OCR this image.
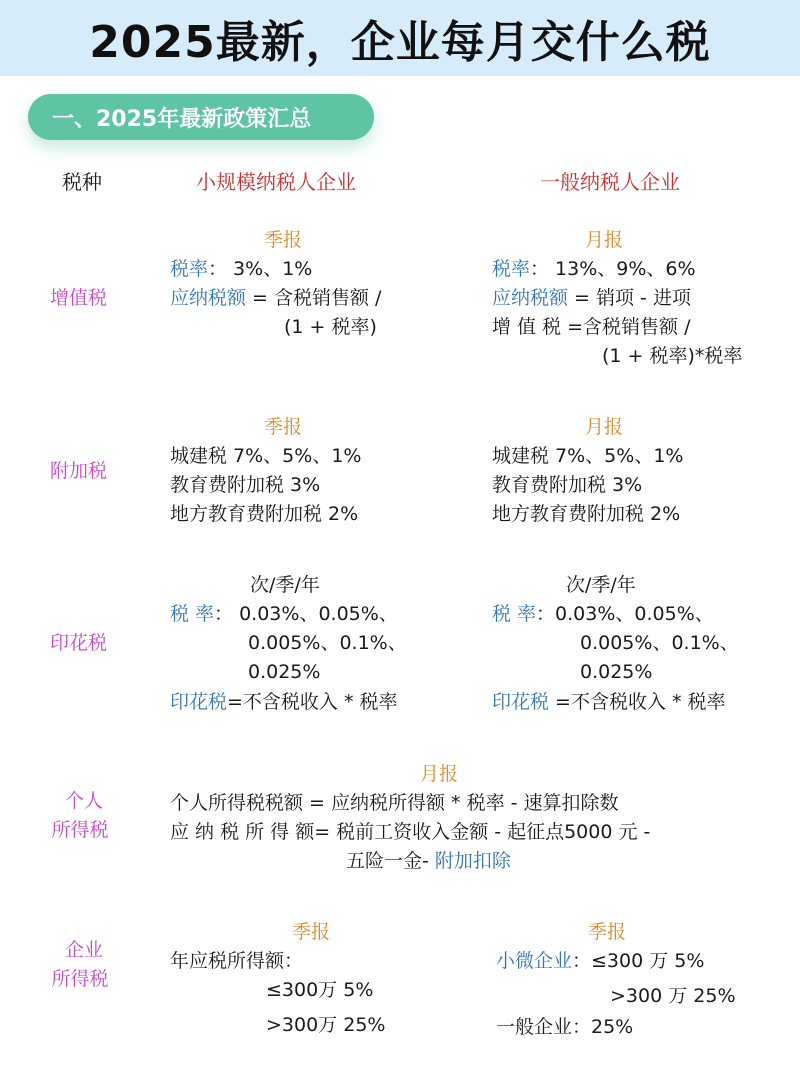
2025最新，企业每月交什么税
一、2025年最新政策汇总
税种	小规模纳税人企业	一般纳税人企业
增值税
季报
税率： 3%、1%
应纳税额 = 含税销售额 /
(1 + 税率)
月报
税率： 13%、9%、6%
应纳税额 = 销项 - 进项
增 值 税 =含税销售额 /
(1 + 税率)*税率
附加税
季报
城建税 7%、5%、1%
教育费附加税 3%
地方教育费附加税 2%
月报
城建税 7%、5%、1%
教育费附加税 3%
地方教育费附加税 2%
印花税
次/季/年
税 率： 0.03%、0.05%、
0.005%、0.1%、
0.025%
印花税=不含税收入 * 税率
次/季/年
税 率：0.03%、0.05%、
0.005%、0.1%、
0.025%
印花税 =不含税收入 * 税率
个人
所得税
月报
个人所得税税额 = 应纳税所得额 * 税率 - 速算扣除数
应 纳 税 所 得 额= 税前工资收入金额 - 起征点5000 元 -
五险一金- 附加扣除
企业
所得税
季报
年应税所得额：
≤300万 5%
>300万 25%
季报
小微企业：≤300 万 5%
>300 万 25%
一般企业：25%
